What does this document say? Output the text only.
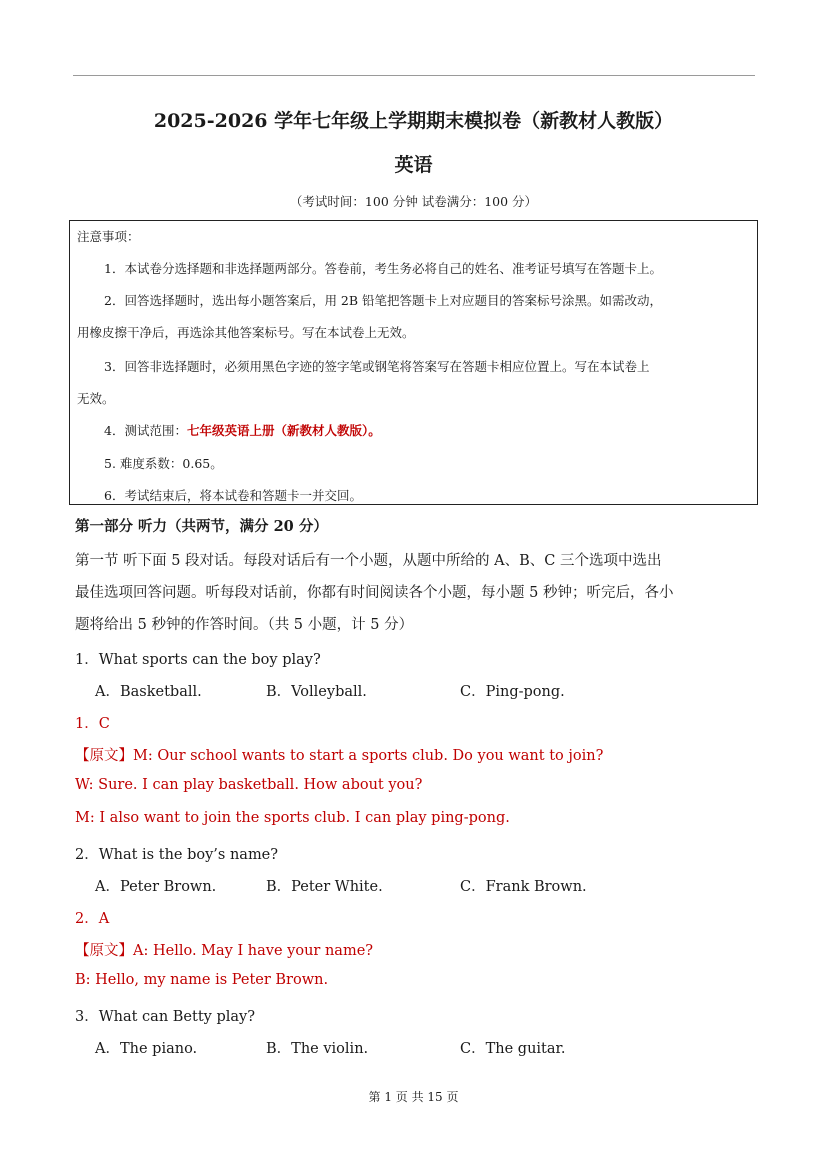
2025-2026 学年七年级上学期期末模拟卷（新教材人教版）
英语
（考试时间：100 分钟 试卷满分：100 分）
注意事项：
1．本试卷分选择题和非选择题两部分。答卷前，考生务必将自己的姓名、准考证号填写在答题卡上。
2．回答选择题时，选出每小题答案后，用 2B 铅笔把答题卡上对应题目的答案标号涂黑。如需改动，
用橡皮擦干净后，再选涂其他答案标号。写在本试卷上无效。
3．回答非选择题时，必须用黑色字迹的签字笔或钢笔将答案写在答题卡相应位置上。写在本试卷上
无效。
4．测试范围：七年级英语上册（新教材人教版）。
5. 难度系数：0.65。
6．考试结束后，将本试卷和答题卡一并交回。
第一部分 听力（共两节，满分 20 分）
第一节 听下面 5 段对话。每段对话后有一个小题，从题中所给的 A、B、C 三个选项中选出
最佳选项回答问题。听每段对话前，你都有时间阅读各个小题，每小题 5 秒钟；听完后，各小
题将给出 5 秒钟的作答时间。（共 5 小题，计 5 分）
1．What sports can the boy play?
A．Basketball.	B．Volleyball.	C．Ping-pong.
1．C
【原文】M: Our school wants to start a sports club. Do you want to join?
W: Sure. I can play basketball. How about you?
M: I also want to join the sports club. I can play ping-pong.
2．What is the boy’s name?
A．Peter Brown.	B．Peter White.	C．Frank Brown.
2．A
【原文】A: Hello. May I have your name?
B: Hello, my name is Peter Brown.
3．What can Betty play?
A．The piano.	B．The violin.	C．The guitar.
第 1 页 共 15 页
